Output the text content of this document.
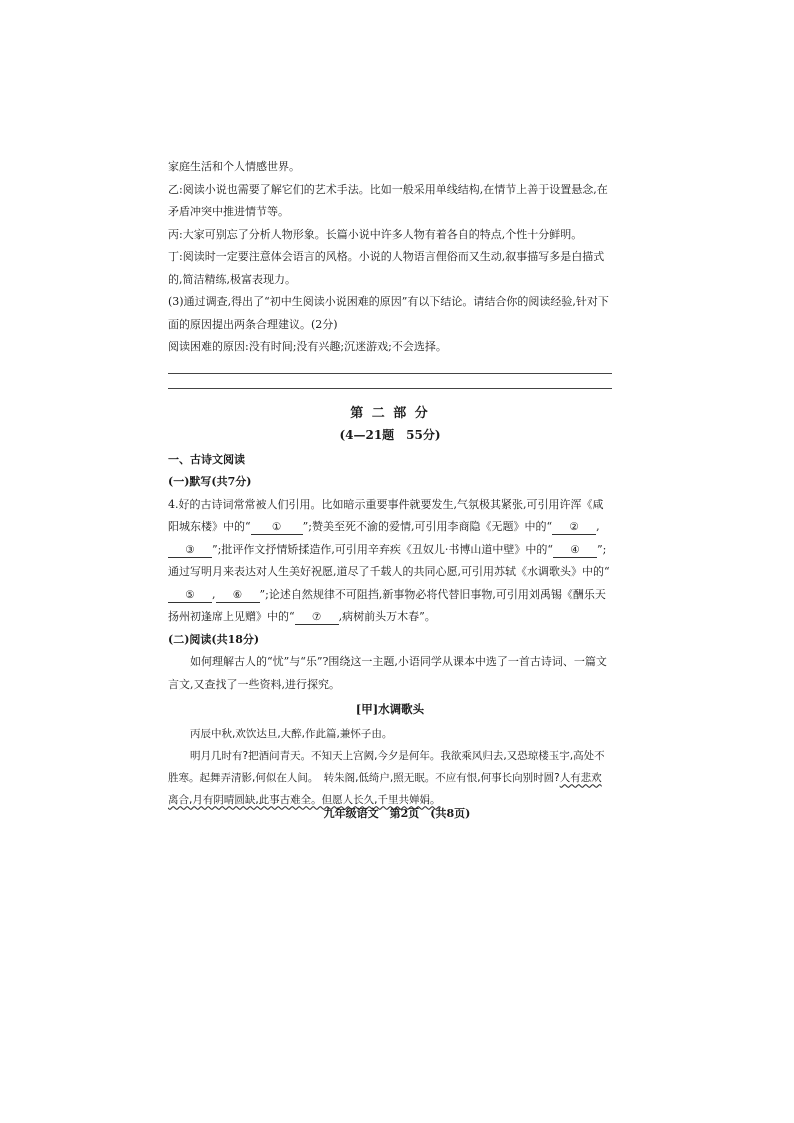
家庭生活和个人情感世界。

乙:阅读小说也需要了解它们的艺术手法。比如一般采用单线结构,在情节上善于设置悬念,在矛盾冲突中推进情节等。

丙:大家可别忘了分析人物形象。长篇小说中许多人物有着各自的特点,个性十分鲜明。

丁:阅读时一定要注意体会语言的风格。小说的人物语言俚俗而又生动,叙事描写多是白描式的,简洁精练,极富表现力。

(3)通过调查,得出了“初中生阅读小说困难的原因”有以下结论。请结合你的阅读经验,针对下面的原因提出两条合理建议。(2分)

阅读困难的原因:没有时间;没有兴趣;沉迷游戏;不会选择。

第 二 部 分
(4—21题　55分)

一、古诗文阅读

(一)默写(共7分)

4.好的古诗词常常被人们引用。比如暗示重要事件就要发生,气氛极其紧张,可引用许浑《咸阳城东楼》中的“ ① ”;赞美至死不渝的爱情,可引用李商隐《无题》中的“ ② ,③ ”;批评作文抒情矫揉造作,可引用辛弃疾《丑奴儿·书博山道中壁》中的“ ④ ”;通过写明月来表达对人生美好祝愿,道尽了千载人的共同心愿,可引用苏轼《水调歌头》中的“⑤ , ⑥ ”;论述自然规律不可阻挡,新事物必将代替旧事物,可引用刘禹锡《酬乐天扬州初逢席上见赠》中的“ ⑦ ,病树前头万木春”。

(二)阅读(共18分)

如何理解古人的“忧”与“乐”?围绕这一主题,小语同学从课本中选了一首古诗词、一篇文言文,又查找了一些资料,进行探究。

[甲]水调歌头

丙辰中秋,欢饮达旦,大醉,作此篇,兼怀子由。

明月几时有?把酒问青天。不知天上宫阙,今夕是何年。我欲乘风归去,又恐琼楼玉宇,高处不胜寒。起舞弄清影,何似在人间。　转朱阁,低绮户,照无眠。不应有恨,何事长向别时圆?人有悲欢离合,月有阴晴圆缺,此事古难全。但愿人长久,千里共婵娟。

九年级语文　第2页　(共8页)
